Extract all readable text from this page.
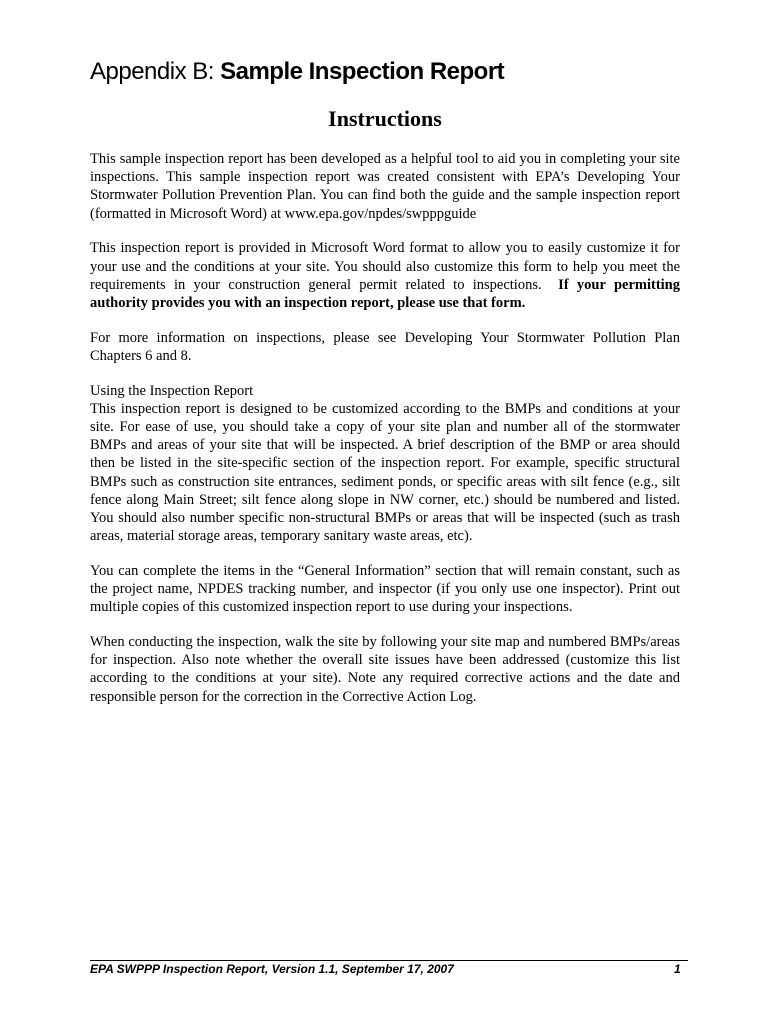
Appendix B: Sample Inspection Report
Instructions

This sample inspection report has been developed as a helpful tool to aid you in completing your site inspections. This sample inspection report was created consistent with EPA’s Developing Your Stormwater Pollution Prevention Plan. You can find both the guide and the sample inspection report (formatted in Microsoft Word) at www.epa.gov/npdes/swpppguide

This inspection report is provided in Microsoft Word format to allow you to easily customize it for your use and the conditions at your site. You should also customize this form to help you meet the requirements in your construction general permit related to inspections. If your permitting authority provides you with an inspection report, please use that form.

For more information on inspections, please see Developing Your Stormwater Pollution Plan Chapters 6 and 8.

Using the Inspection Report
This inspection report is designed to be customized according to the BMPs and conditions at your site. For ease of use, you should take a copy of your site plan and number all of the stormwater BMPs and areas of your site that will be inspected. A brief description of the BMP or area should then be listed in the site-specific section of the inspection report. For example, specific structural BMPs such as construction site entrances, sediment ponds, or specific areas with silt fence (e.g., silt fence along Main Street; silt fence along slope in NW corner, etc.) should be numbered and listed. You should also number specific non-structural BMPs or areas that will be inspected (such as trash areas, material storage areas, temporary sanitary waste areas, etc).

You can complete the items in the “General Information” section that will remain constant, such as the project name, NPDES tracking number, and inspector (if you only use one inspector). Print out multiple copies of this customized inspection report to use during your inspections.

When conducting the inspection, walk the site by following your site map and numbered BMPs/areas for inspection. Also note whether the overall site issues have been addressed (customize this list according to the conditions at your site). Note any required corrective actions and the date and responsible person for the correction in the Corrective Action Log.

EPA SWPPP Inspection Report, Version 1.1, September 17, 2007	1
